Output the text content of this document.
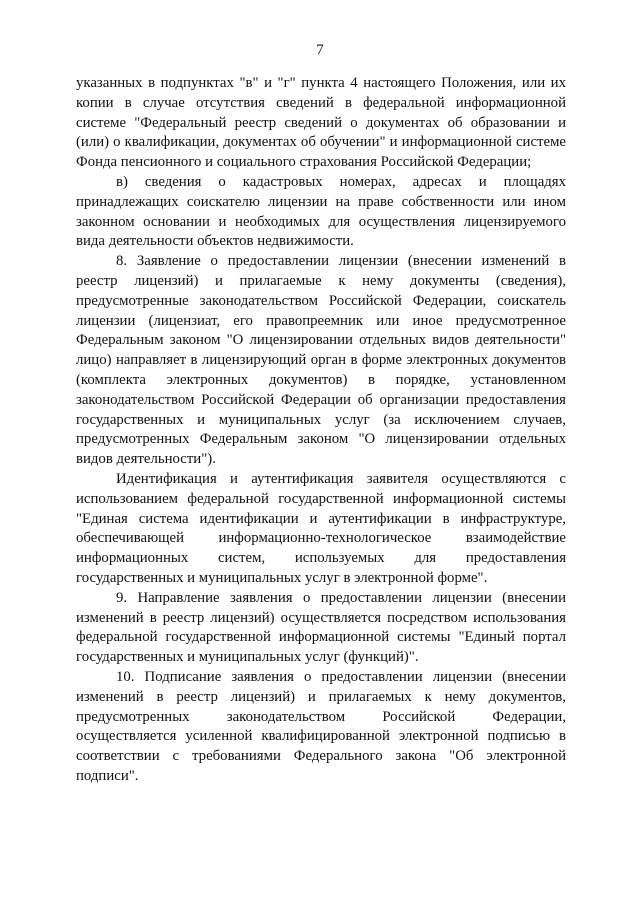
7

указанных в подпунктах "в" и "г" пункта 4 настоящего Положения, или их копии в случае отсутствия сведений в федеральной информационной системе "Федеральный реестр сведений о документах об образовании и (или) о квалификации, документах об обучении" и информационной системе Фонда пенсионного и социального страхования Российской Федерации;

в) сведения о кадастровых номерах, адресах и площадях принадлежащих соискателю лицензии на праве собственности или ином законном основании и необходимых для осуществления лицензируемого вида деятельности объектов недвижимости.

8. Заявление о предоставлении лицензии (внесении изменений в реестр лицензий) и прилагаемые к нему документы (сведения), предусмотренные законодательством Российской Федерации, соискатель лицензии (лицензиат, его правопреемник или иное предусмотренное Федеральным законом "О лицензировании отдельных видов деятельности" лицо) направляет в лицензирующий орган в форме электронных документов (комплекта электронных документов) в порядке, установленном законодательством Российской Федерации об организации предоставления государственных и муниципальных услуг (за исключением случаев, предусмотренных Федеральным законом "О лицензировании отдельных видов деятельности").

Идентификация и аутентификация заявителя осуществляются с использованием федеральной государственной информационной системы "Единая система идентификации и аутентификации в инфраструктуре, обеспечивающей информационно-технологическое взаимодействие информационных систем, используемых для предоставления государственных и муниципальных услуг в электронной форме".

9. Направление заявления о предоставлении лицензии (внесении изменений в реестр лицензий) осуществляется посредством использования федеральной государственной информационной системы "Единый портал государственных и муниципальных услуг (функций)".

10. Подписание заявления о предоставлении лицензии (внесении изменений в реестр лицензий) и прилагаемых к нему документов, предусмотренных законодательством Российской Федерации, осуществляется усиленной квалифицированной электронной подписью в соответствии с требованиями Федерального закона "Об электронной подписи".
